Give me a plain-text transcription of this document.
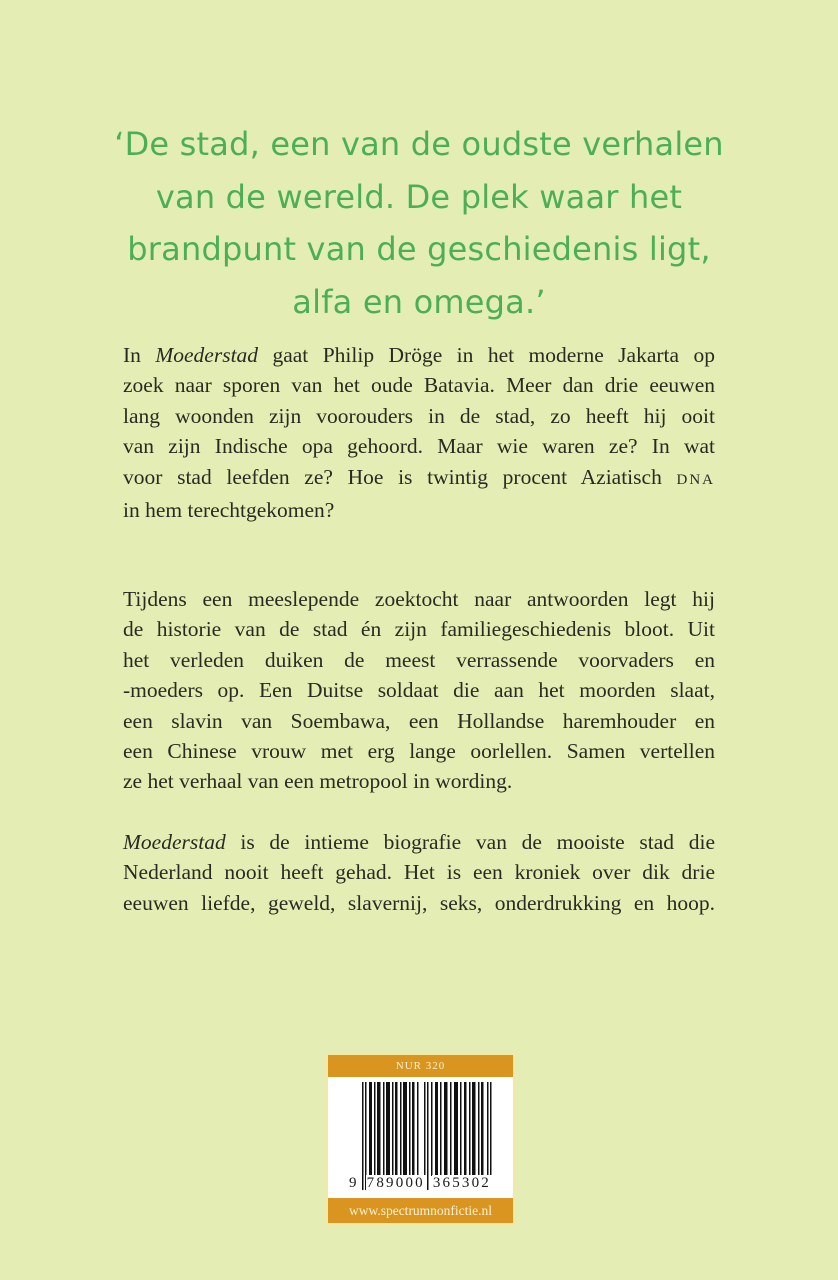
‘De stad, een van de oudste verhalen
van de wereld. De plek waar het
brandpunt van de geschiedenis ligt,
alfa en omega.’
In Moederstad gaat Philip Dröge in het moderne Jakarta op
zoek naar sporen van het oude Batavia. Meer dan drie eeuwen
lang woonden zijn voorouders in de stad, zo heeft hij ooit
van zijn Indische opa gehoord. Maar wie waren ze? In wat
voor stad leefden ze? Hoe is twintig procent Aziatisch DNA
in hem terechtgekomen?
Tijdens een meeslepende zoektocht naar antwoorden legt hij
de historie van de stad én zijn familiegeschiedenis bloot. Uit
het verleden duiken de meest verrassende voorvaders en
-moeders op. Een Duitse soldaat die aan het moorden slaat,
een slavin van Soembawa, een Hollandse haremhouder en
een Chinese vrouw met erg lange oorlellen. Samen vertellen
ze het verhaal van een metropool in wording.
Moederstad is de intieme biografie van de mooiste stad die
Nederland nooit heeft gehad. Het is een kroniek over dik drie
eeuwen liefde, geweld, slavernij, seks, onderdrukking en hoop.
NUR 320
9 789000 365302
www.spectrumnonfictie.nl
